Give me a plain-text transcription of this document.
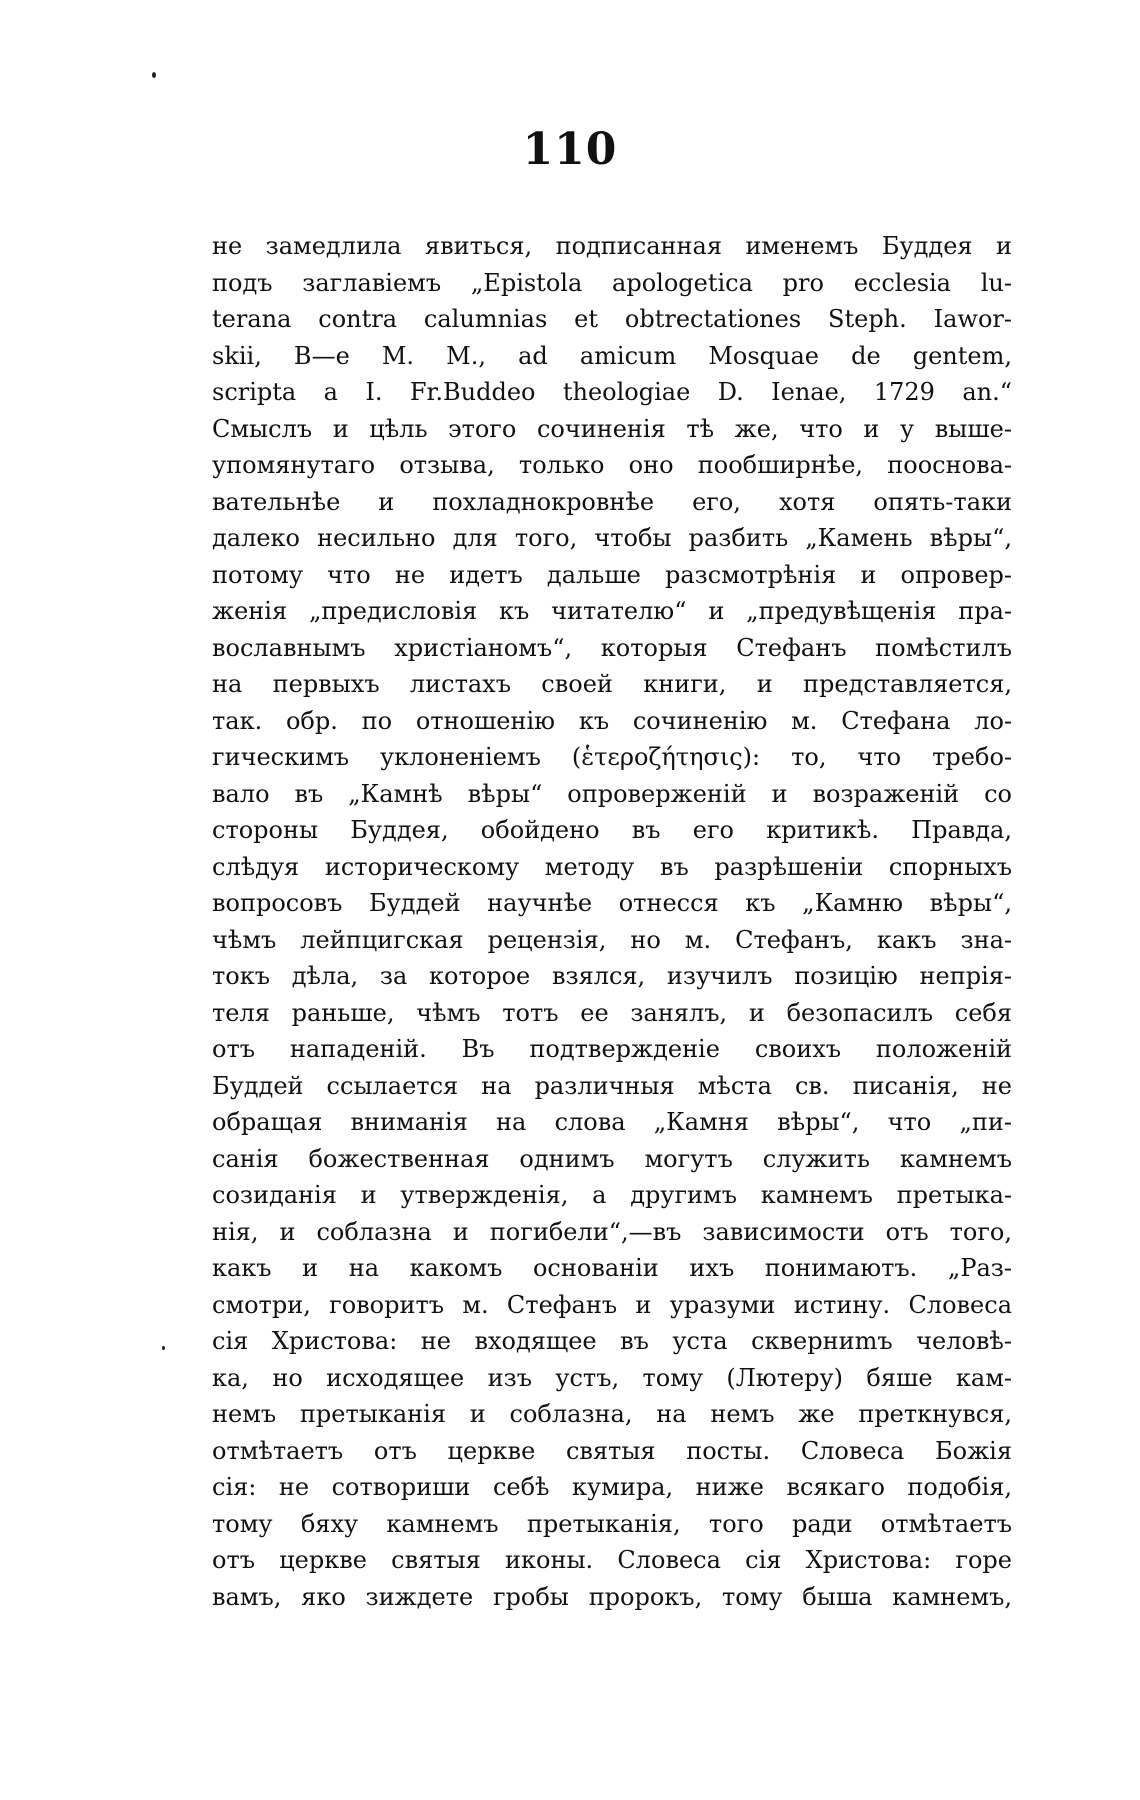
110
не замедлила явиться, подписанная именемъ Буддея и
подъ заглавіемъ „Epistola apologetica pro ecclesia lu-
terana contra calumnias et obtrectationes Steph. Iawor-
skii, B—e M. M., ad amicum Mosquae de gentem,
scripta a I. Fr.Buddeo theologiae D. Ienae, 1729 an.“
Смыслъ и цѣль этого сочиненія тѣ же, что и у выше-
упомянутаго отзыва, только оно пообширнѣе, пооснова-
вательнѣе и похладнокровнѣе его, хотя опять-таки
далеко несильно для того, чтобы разбить „Камень вѣры“,
потому что не идетъ дальше разсмотрѣнія и опровер-
женія „предисловія къ читателю“ и „предувѣщенія пра-
вославнымъ христіаномъ“, которыя Стефанъ помѣстилъ
на первыхъ листахъ своей книги, и представляется,
так. обр. по отношенію къ сочиненію м. Стефана ло-
гическимъ уклоненіемъ (ἑτεροζήτησις): то, что требо-
вало въ „Камнѣ вѣры“ опроверженій и возраженій со
стороны Буддея, обойдено въ его критикѣ. Правда,
слѣдуя историческому методу въ разрѣшеніи спорныхъ
вопросовъ Буддей научнѣе отнесся къ „Камню вѣры“,
чѣмъ лейпцигская рецензія, но м. Стефанъ, какъ зна-
токъ дѣла, за которое взялся, изучилъ позицію непрія-
теля раньше, чѣмъ тотъ ее занялъ, и безопасилъ себя
отъ нападеній. Въ подтвержденіе своихъ положеній
Буддей ссылается на различныя мѣста св. писанія, не
обращая вниманія на слова „Камня вѣры“, что „пи-
санія божественная однимъ могутъ служить камнемъ
созиданія и утвержденія, а другимъ камнемъ претыка-
нія, и соблазна и погибели“,—въ зависимости отъ того,
какъ и на какомъ основаніи ихъ понимаютъ. „Раз-
смотри, говоритъ м. Стефанъ и уразуми истину. Словеса
сія Христова: не входящее въ уста скверниmъ человѣ-
ка, но исходящее изъ устъ, тому (Лютеру) бяше кам-
немъ претыканія и соблазна, на немъ же преткнувся,
отмѣтаетъ отъ церкве святыя посты. Словеса Божія
сія: не сотвориши себѣ кумира, ниже всякаго подобія,
тому бяху камнемъ претыканія, того ради отмѣтаетъ
отъ церкве святыя иконы. Словеса сія Христова: горе
вамъ, яко зиждете гробы пророкъ, тому быша камнемъ,
